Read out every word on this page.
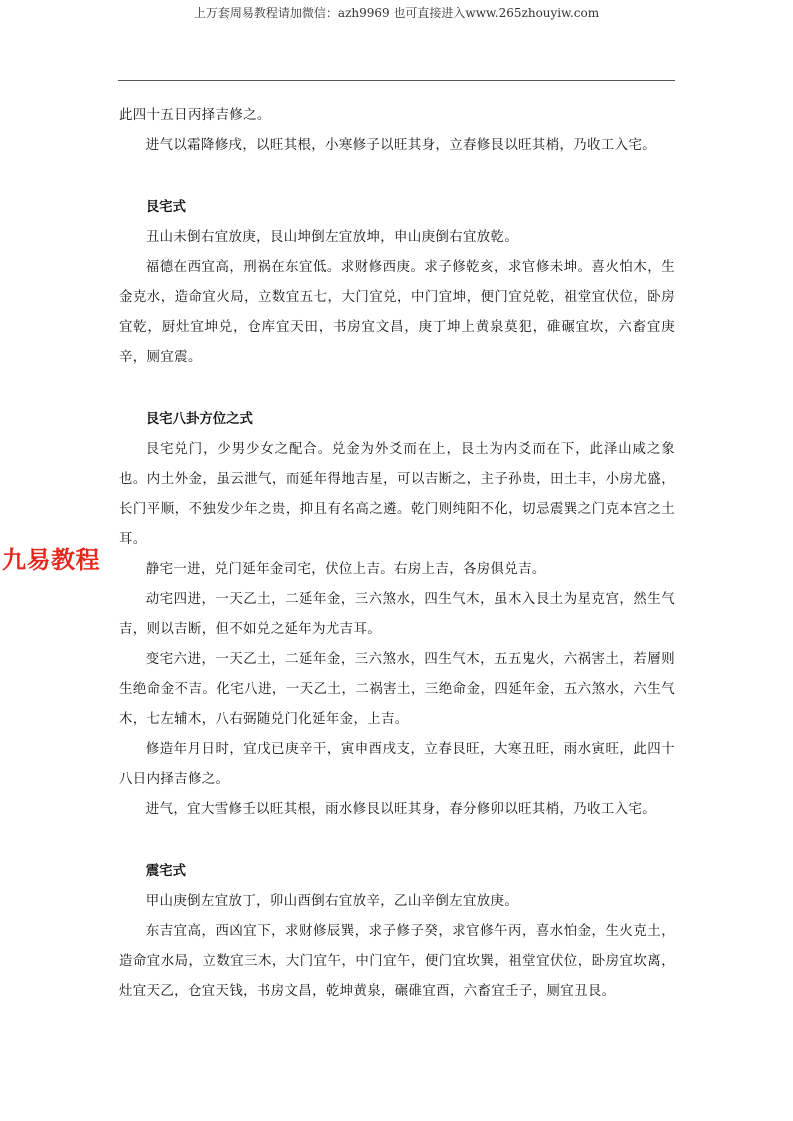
上万套周易教程请加微信：azh9969 也可直接进入www.265zhouyiw.com

此四十五日丙择吉修之。

进气以霜降修戌，以旺其根，小寒修子以旺其身，立春修艮以旺其梢，乃收工入宅。

艮宅式

丑山未倒右宜放庚，艮山坤倒左宜放坤，申山庚倒右宜放乾。

福德在西宜高，刑祸在东宜低。求财修西庚。求子修乾亥，求官修未坤。喜火怕木，生金克水，造命宜火局，立数宜五七，大门宜兑，中门宜坤，便门宜兑乾，祖堂宜伏位，卧房宜乾，厨灶宜坤兑，仓库宜天田，书房宜文昌，庚丁坤上黄泉莫犯，碓碾宜坎，六畜宜庚辛，厕宜震。

艮宅八卦方位之式

艮宅兑门，少男少女之配合。兑金为外爻而在上，艮土为内爻而在下，此泽山咸之象也。内土外金，虽云泄气，而延年得地吉星，可以吉断之，主子孙贵，田土丰，小房尤盛，长门平顺，不独发少年之贵，抑且有名高之遴。乾门则纯阳不化，切忌震巽之门克本宫之土耳。

静宅一进，兑门延年金司宅，伏位上吉。右房上吉，各房俱兑吉。

动宅四进，一天乙土，二延年金，三六煞水，四生气木，虽木入艮土为星克宫，然生气吉，则以吉断，但不如兑之延年为尤吉耳。

变宅六进，一天乙土，二延年金，三六煞水，四生气木，五五鬼火，六祸害土，若層则生绝命金不吉。化宅八进，一天乙土，二祸害土，三绝命金，四延年金，五六煞水，六生气木，七左辅木，八右弼随兑门化延年金，上吉。

修造年月日时，宜戊已庚辛干，寅申酉戌支，立春艮旺，大寒丑旺，雨水寅旺，此四十八日内择吉修之。

进气，宜大雪修壬以旺其根，雨水修艮以旺其身，春分修卯以旺其梢，乃收工入宅。

震宅式

甲山庚倒左宜放丁，卯山酉倒右宜放辛，乙山辛倒左宜放庚。

东吉宜高，西凶宜下，求财修辰巽，求子修子癸，求官修午丙，喜水怕金，生火克土，造命宜水局，立数宜三木，大门宜午，中门宜午，便门宜坎巽，祖堂宜伏位，卧房宜坎离，灶宜天乙，仓宜天钱，书房文昌，乾坤黄泉，碾碓宜酉，六畜宜壬子，厕宜丑艮。

九易教程
